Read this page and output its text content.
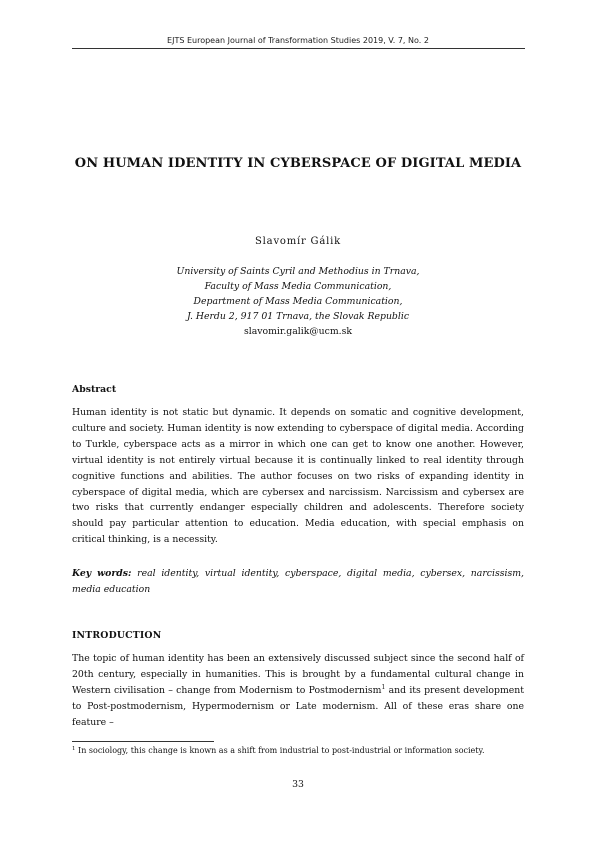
EJTS European Journal of Transformation Studies 2019, V. 7, No. 2
ON HUMAN IDENTITY IN CYBERSPACE OF DIGITAL MEDIA
Slavomír Gálik
University of Saints Cyril and Methodius in Trnava,
Faculty of Mass Media Communication,
Department of Mass Media Communication,
J. Herdu 2, 917 01 Trnava, the Slovak Republic
slavomir.galik@ucm.sk
Abstract

Human identity is not static but dynamic. It depends on somatic and cognitive development, culture and society. Human identity is now extending to cyberspace of digital media. According to Turkle, cyberspace acts as a mirror in which one can get to know one another. However, virtual identity is not entirely virtual because it is continually linked to real identity through cognitive functions and abilities. The author focuses on two risks of expanding identity in cyberspace of digital media, which are cybersex and narcissism. Narcissism and cybersex are two risks that currently endanger especially children and adolescents. Therefore society should pay particular attention to education. Media education, with special emphasis on critical thinking, is a necessity.

Key words: real identity, virtual identity, cyberspace, digital media, cybersex, narcissism, media education

INTRODUCTION

The topic of human identity has been an extensively discussed subject since the second half of 20th century, especially in humanities. This is brought by a fundamental cultural change in Western civilisation – change from Modernism to Postmodernism$^1$ and its present development to Post-postmodernism, Hypermodernism or Late modernism. All of these eras share one feature –

$^1$ In sociology, this change is known as a shift from industrial to post-industrial or information society.
33
